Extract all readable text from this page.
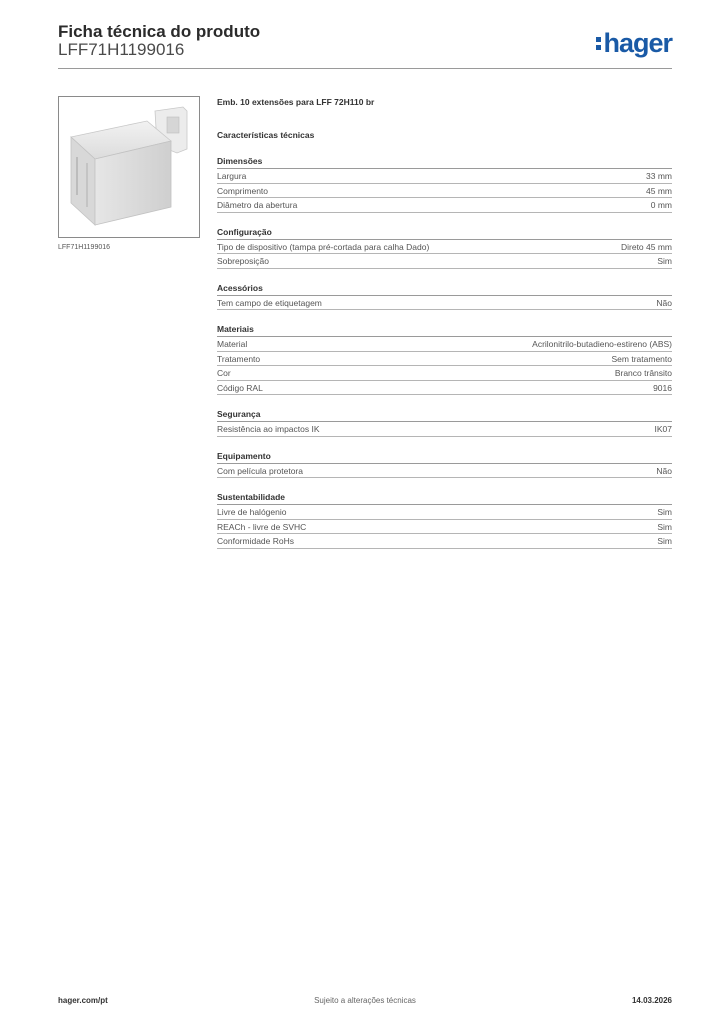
Ficha técnica do produto
LFF71H1199016	hager
LFF71H1199016
Emb. 10 extensões para LFF 72H110 br
Características técnicas
Dimensões
Largura	33 mm
Comprimento	45 mm
Diâmetro da abertura	0 mm
Configuração
Tipo de dispositivo (tampa pré-cortada para calha Dado)	Direto 45 mm
Sobreposição	Sim
Acessórios
Tem campo de etiquetagem	Não
Materiais
Material	Acrilonitrilo-butadieno-estireno (ABS)
Tratamento	Sem tratamento
Cor	Branco trânsito
Código RAL	9016
Segurança
Resistência ao impactos IK	IK07
Equipamento
Com película protetora	Não
Sustentabilidade
Livre de halógenio	Sim
REACh - livre de SVHC	Sim
Conformidade RoHs	Sim
hager.com/pt	Sujeito a alterações técnicas	14.03.2026
